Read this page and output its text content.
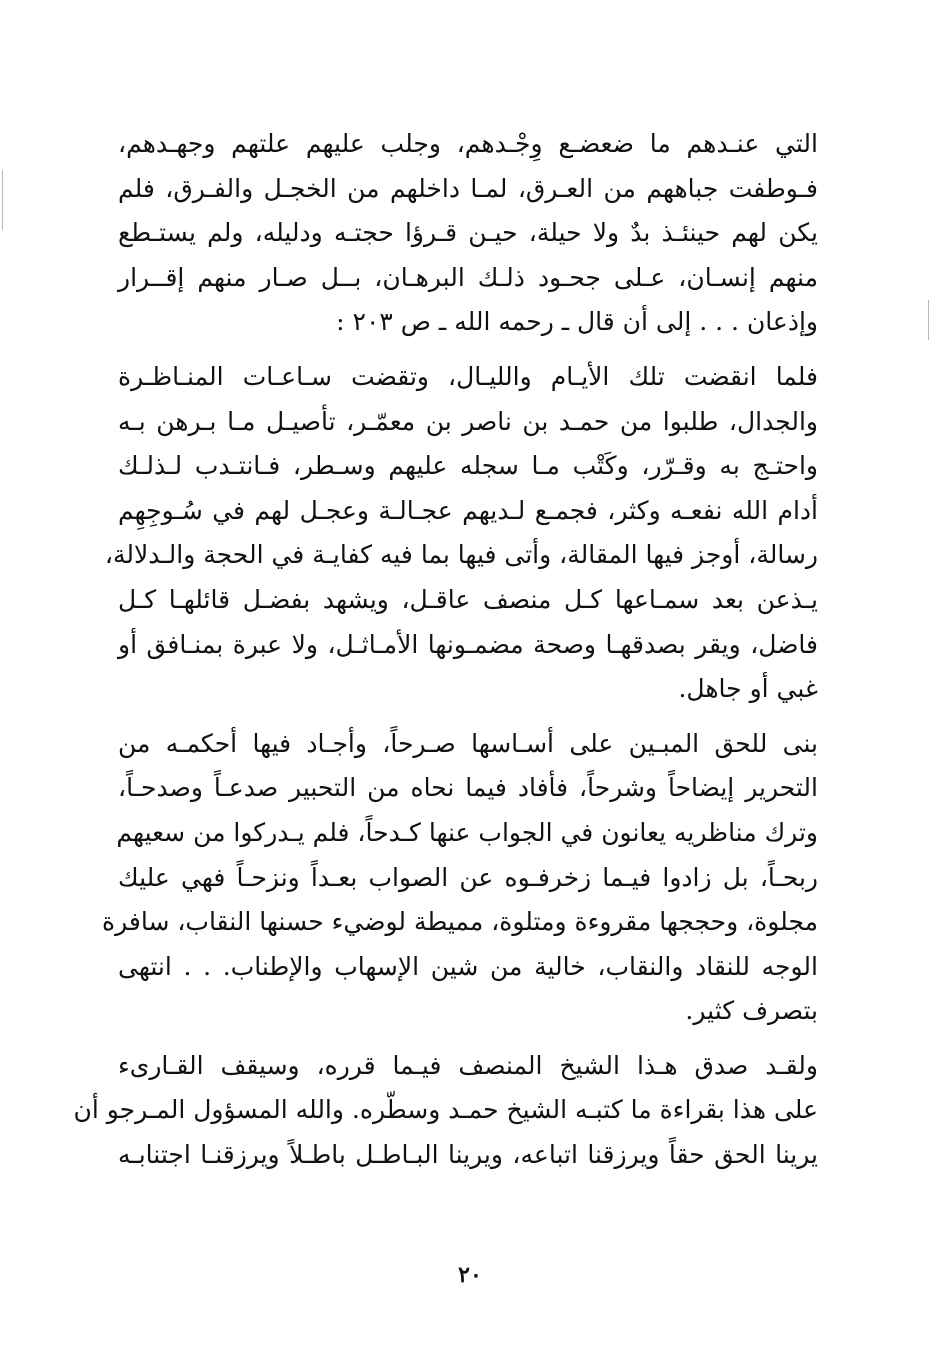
التي عنـدهم ما ضعضـع وِجْـدهم، وجلب عليهم علتهم وجهـدهم،
فـوطفت جباههم من العـرق، لمـا داخلهم من الخجـل والفـرق، فلم
يكن لهم حينئـذ بدٌ ولا حيلة، حيـن قـرؤا حجتـه ودليله، ولم يستـطع
منهم إنسـان، عـلى جحـود ذلـك البرهـان، بــل صـار منهم إقــرار
وإذعان . . . إلى أن قال ـ رحمه الله ـ ص ٢٠٣ :

فلما انقضت تلك الأيـام والليـال، وتقضت سـاعـات المنـاظـرة
والجدال، طلبوا من حمـد بن ناصر بن معمّـر، تأصيـل مـا بـرهن بـه
واحتـج به وقـرّر، وكَتْب مـا سجله عليهم وسـطر، فـانتـدب لـذلـك
أدام الله نفعـه وكثر، فجمـع لـديهم عجـالـة وعجـل لهم في سُـوجِهِم
رسالة، أوجز فيها المقالة، وأتى فيها بما فيه كفايـة في الحجة والـدلالة،
يـذعن بعد سمـاعها كـل منصف عاقـل، ويشهد بفضـل قائلهـا كـل
فاضل، ويقر بصدقهـا وصحة مضمـونها الأمـاثـل، ولا عبرة بمنـافق أو
غبي أو جاهل.

بنى للحق المبـين على أسـاسها صـرحاً، وأجـاد فيها أحكمـه من
التحرير إيضاحاً وشرحاً، فأفاد فيما نحاه من التحبير صدعـاً وصدحـاً،
وترك مناظريه يعانون في الجواب عنها كـدحاً، فلم يـدركوا من سعيهم
ربحـاً، بل زادوا فيـما زخرفـوه عن الصواب بعـداً ونزحـاً فهي عليك
مجلوة، وحججها مقروءة ومتلوة، مميطة لوضيء حسنها النقاب، سافرة
الوجه للنقاد والنقاب، خالية من شين الإسهاب والإطناب. . . انتهى
بتصرف كثير.

ولقـد صدق هـذا الشيخ المنصف فيـما قرره، وسيقف القـارىء
على هذا بقراءة ما كتبـه الشيخ حمـد وسطّره. والله المسؤول المـرجو أن
يرينا الحق حقاً ويرزقنا اتباعه، ويرينا البـاطـل باطـلاً ويرزقنـا اجتنابـه

٢٠
